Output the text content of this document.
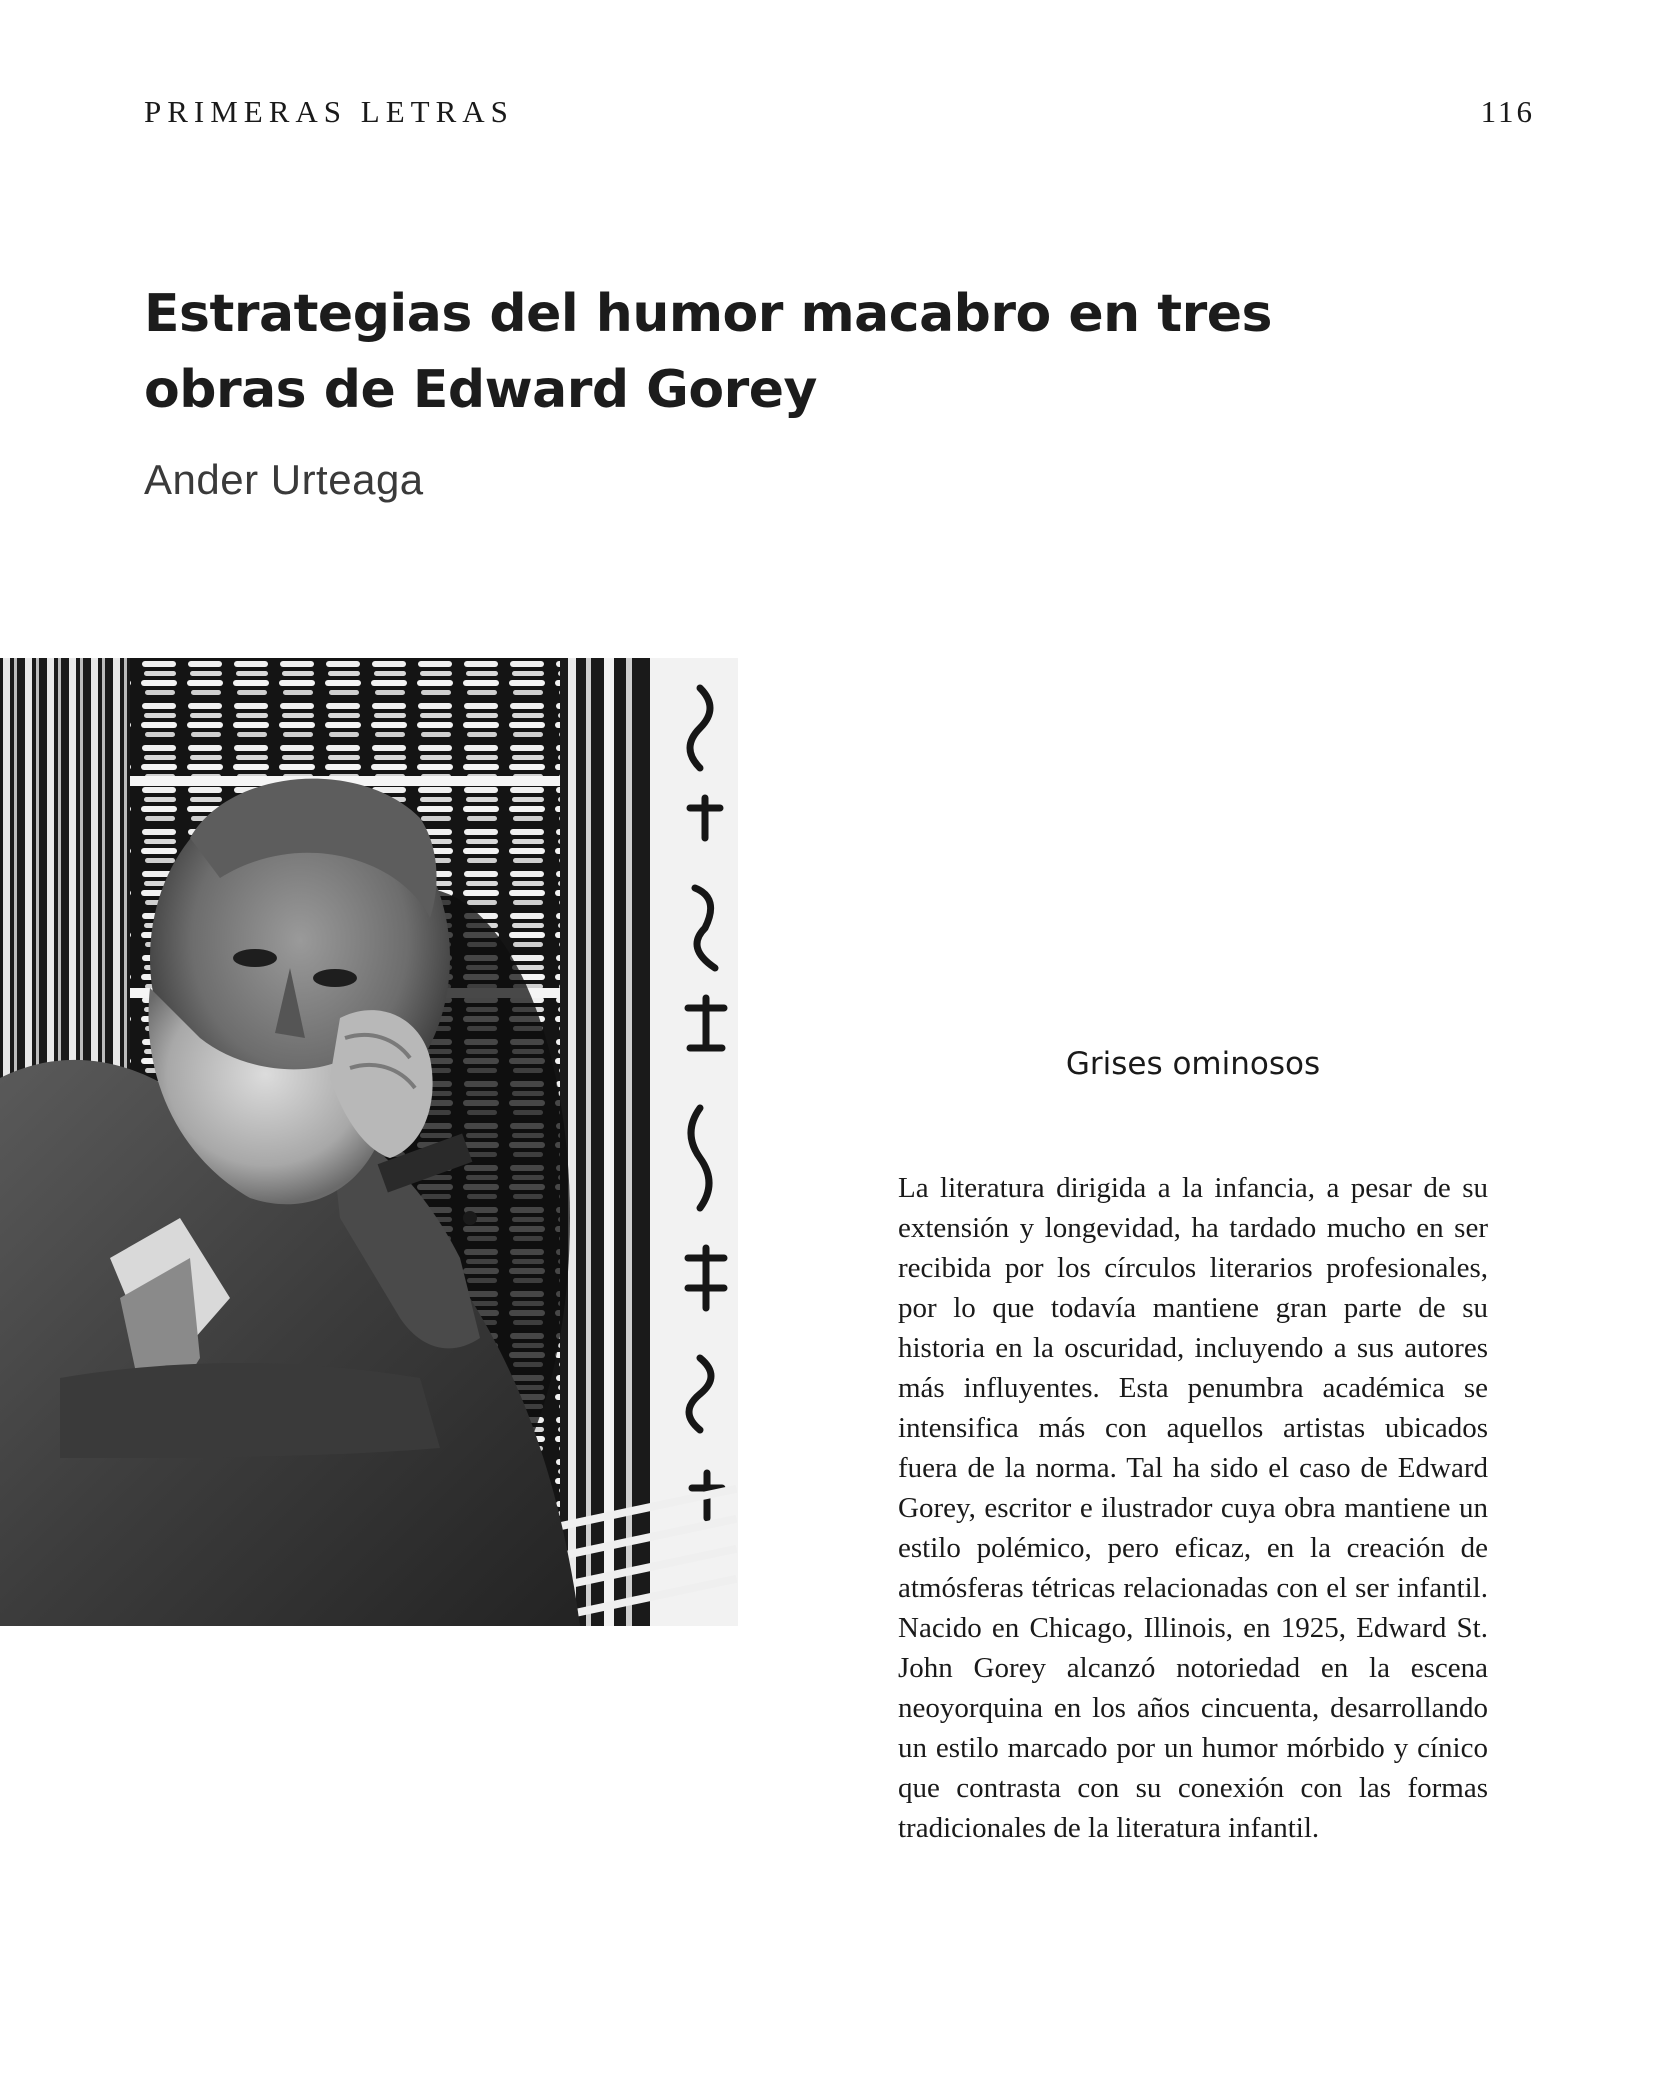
PRIMERAS LETRAS	116
Estrategias del humor macabro en tres
obras de Edward Gorey
Ander Urteaga
Grises ominosos

La literatura dirigida a la infancia, a pesar de su extensión y longevidad, ha tardado mucho en ser recibida por los círculos literarios profesionales, por lo que todavía mantiene gran parte de su historia en la oscuridad, incluyendo a sus autores más influyentes. Esta penumbra académica se intensifica más con aquellos artistas ubicados fuera de la norma. Tal ha sido el caso de Edward Gorey, escritor e ilustrador cuya obra mantiene un estilo polémico, pero eficaz, en la creación de atmósferas tétricas relacionadas con el ser infantil. Nacido en Chicago, Illinois, en 1925, Edward St. John Gorey alcanzó notoriedad en la escena neoyorquina en los años cincuenta, desarrollando un estilo marcado por un humor mórbido y cínico que contrasta con su conexión con las formas tradicionales de la literatura infantil.
